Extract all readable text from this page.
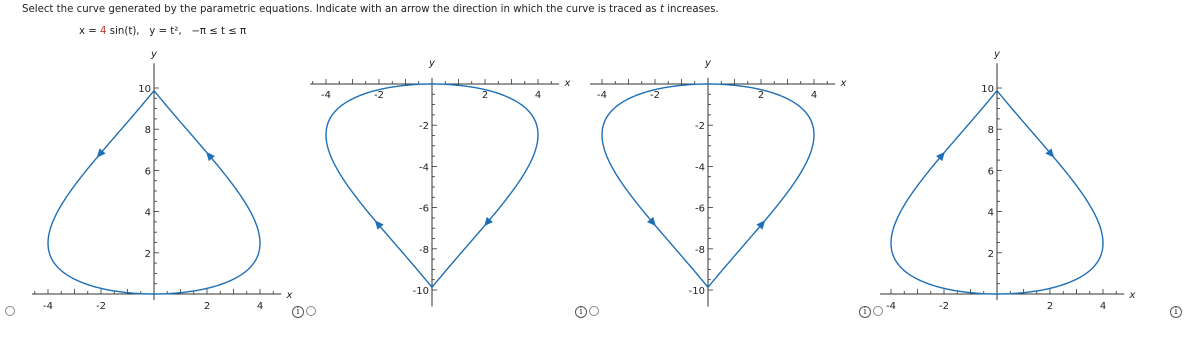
Select the curve generated by the parametric equations. Indicate with an arrow the direction in which the curve is traced as t increases.
x = 4 sin(t), y = t², −π ≤ t ≤ π
-4	-2	2	4
10
8
6
4
2
x
y
-4	-2	2	4
-2
-4
-6
-8
-10
x
y
-4	-2	2	4
-2
-4
-6
-8
-10
x
y
-4	-2	2	4
10
8
6
4
2
x
y
i	i	i	i
